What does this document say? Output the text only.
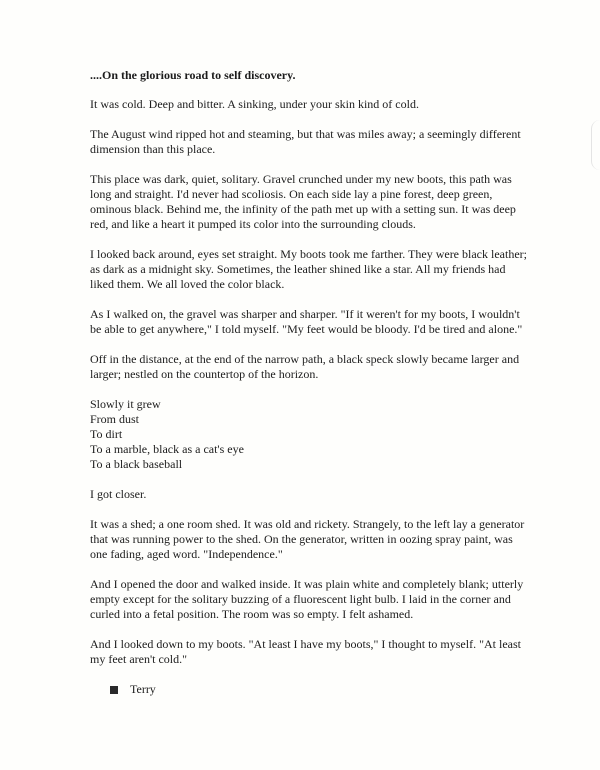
....On the glorious road to self discovery.

It was cold. Deep and bitter. A sinking, under your skin kind of cold.

The August wind ripped hot and steaming, but that was miles away; a seemingly different dimension than this place.

This place was dark, quiet, solitary. Gravel crunched under my new boots, this path was long and straight. I'd never had scoliosis. On each side lay a pine forest, deep green, ominous black. Behind me, the infinity of the path met up with a setting sun. It was deep red, and like a heart it pumped its color into the surrounding clouds.

I looked back around, eyes set straight. My boots took me farther. They were black leather; as dark as a midnight sky. Sometimes, the leather shined like a star. All my friends had liked them. We all loved the color black.

As I walked on, the gravel was sharper and sharper. "If it weren't for my boots, I wouldn't be able to get anywhere," I told myself. "My feet would be bloody. I'd be tired and alone."

Off in the distance, at the end of the narrow path, a black speck slowly became larger and larger; nestled on the countertop of the horizon.

Slowly it grew

From dust

To dirt

To a marble, black as a cat's eye

To a black baseball

I got closer.

It was a shed; a one room shed. It was old and rickety. Strangely, to the left lay a generator that was running power to the shed. On the generator, written in oozing spray paint, was one fading, aged word. "Independence."

And I opened the door and walked inside. It was plain white and completely blank; utterly empty except for the solitary buzzing of a fluorescent light bulb. I laid in the corner and curled into a fetal position. The room was so empty. I felt ashamed.

And I looked down to my boots. "At least I have my boots," I thought to myself. "At least my feet aren't cold."

Terry
